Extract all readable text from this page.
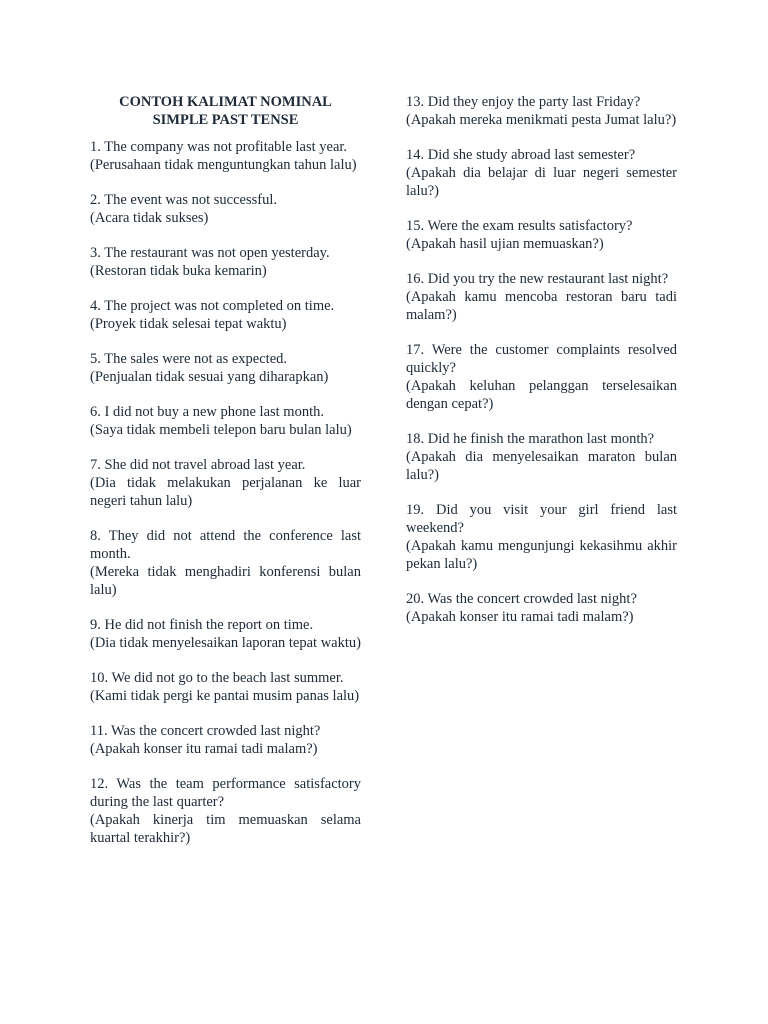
CONTOH KALIMAT NOMINAL
SIMPLE PAST TENSE
1. The company was not profitable last year.
(Perusahaan tidak menguntungkan tahun lalu)
2. The event was not successful.
(Acara tidak sukses)
3. The restaurant was not open yesterday.
(Restoran tidak buka kemarin)
4. The project was not completed on time.
(Proyek tidak selesai tepat waktu)
5. The sales were not as expected.
(Penjualan tidak sesuai yang diharapkan)
6. I did not buy a new phone last month.
(Saya tidak membeli telepon baru bulan lalu)
7. She did not travel abroad last year.
(Dia tidak melakukan perjalanan ke luar negeri tahun lalu)
8. They did not attend the conference last month.
(Mereka tidak menghadiri konferensi bulan lalu)
9. He did not finish the report on time.
(Dia tidak menyelesaikan laporan tepat waktu)
10. We did not go to the beach last summer.
(Kami tidak pergi ke pantai musim panas lalu)
11. Was the concert crowded last night?
(Apakah konser itu ramai tadi malam?)
12. Was the team performance satisfactory during the last quarter?
(Apakah kinerja tim memuaskan selama kuartal terakhir?)
13. Did they enjoy the party last Friday?
(Apakah mereka menikmati pesta Jumat lalu?)
14. Did she study abroad last semester?
(Apakah dia belajar di luar negeri semester lalu?)
15. Were the exam results satisfactory?
(Apakah hasil ujian memuaskan?)
16. Did you try the new restaurant last night?
(Apakah kamu mencoba restoran baru tadi malam?)
17. Were the customer complaints resolved quickly?
(Apakah keluhan pelanggan terselesaikan dengan cepat?)
18. Did he finish the marathon last month?
(Apakah dia menyelesaikan maraton bulan lalu?)
19. Did you visit your girl friend last weekend?
(Apakah kamu mengunjungi kekasihmu akhir pekan lalu?)
20. Was the concert crowded last night?
(Apakah konser itu ramai tadi malam?)
